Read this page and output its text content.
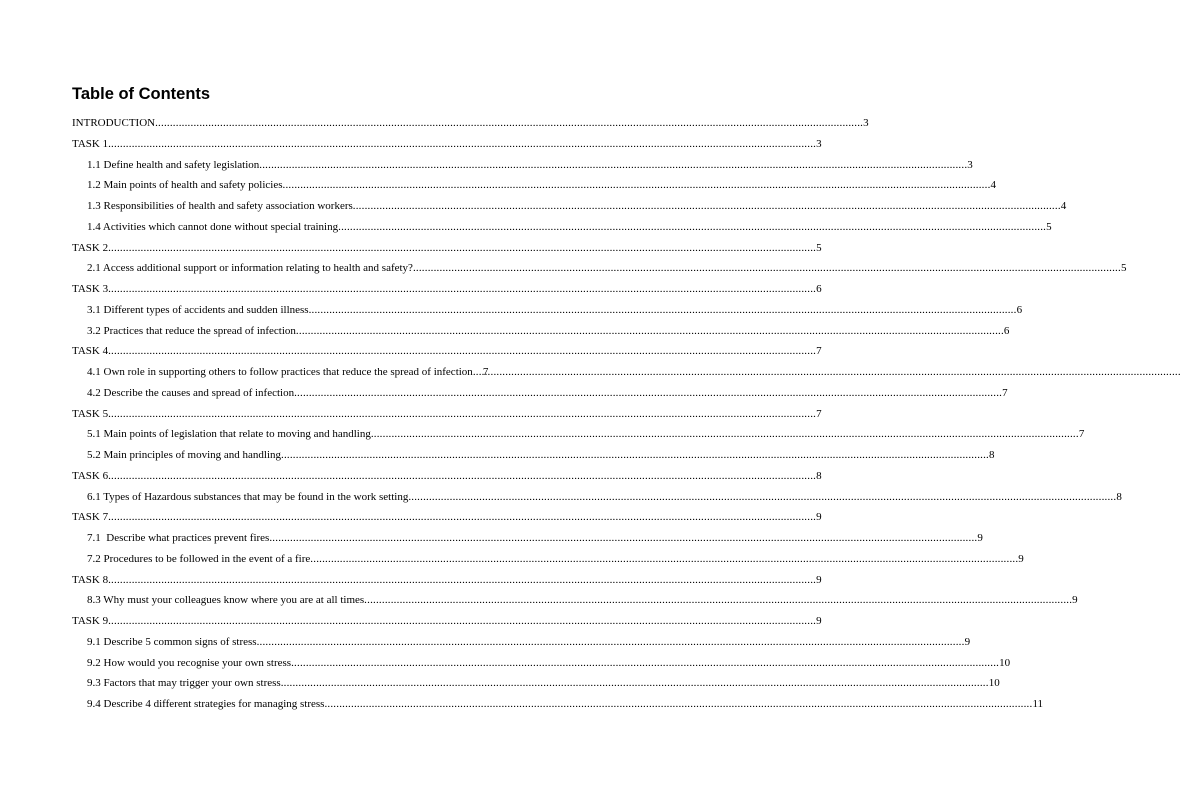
Table of Contents
INTRODUCTION .....	3
TASK 1 .....	3
1.1 Define health and safety legislation .....	3
1.2 Main points of health and safety policies .....	4
1.3 Responsibilities of health and safety association workers .....	4
1.4 Activities which cannot done without special training .....	5
TASK 2 .....	5
2.1 Access additional support or information relating to health and safety? .....	5
TASK 3 .....	6
3.1 Different types of accidents and sudden illness .....	6
3.2 Practices that reduce the spread of infection .....	6
TASK 4 .....	7
4.1 Own role in supporting others to follow practices that reduce the spread of infection ..... 7
4.2 Describe the causes and spread of infection .....	7
TASK 5 .....	7
5.1 Main points of legislation that relate to moving and handling .....	7
5.2 Main principles of moving and handling .....	8
TASK 6 .....	8
6.1 Types of Hazardous substances that may be found in the work setting .....	8
TASK 7 .....	9
7.1  Describe what practices prevent fires .....	9
7.2 Procedures to be followed in the event of a fire .....	9
TASK 8 .....	9
8.3 Why must your colleagues know where you are at all times .....	9
TASK 9 .....	9
9.1 Describe 5 common signs of stress .....	9
9.2 How would you recognise your own stress .....	10
9.3 Factors that may trigger your own stress .....	10
9.4 Describe 4 different strategies for managing stress .....	11
